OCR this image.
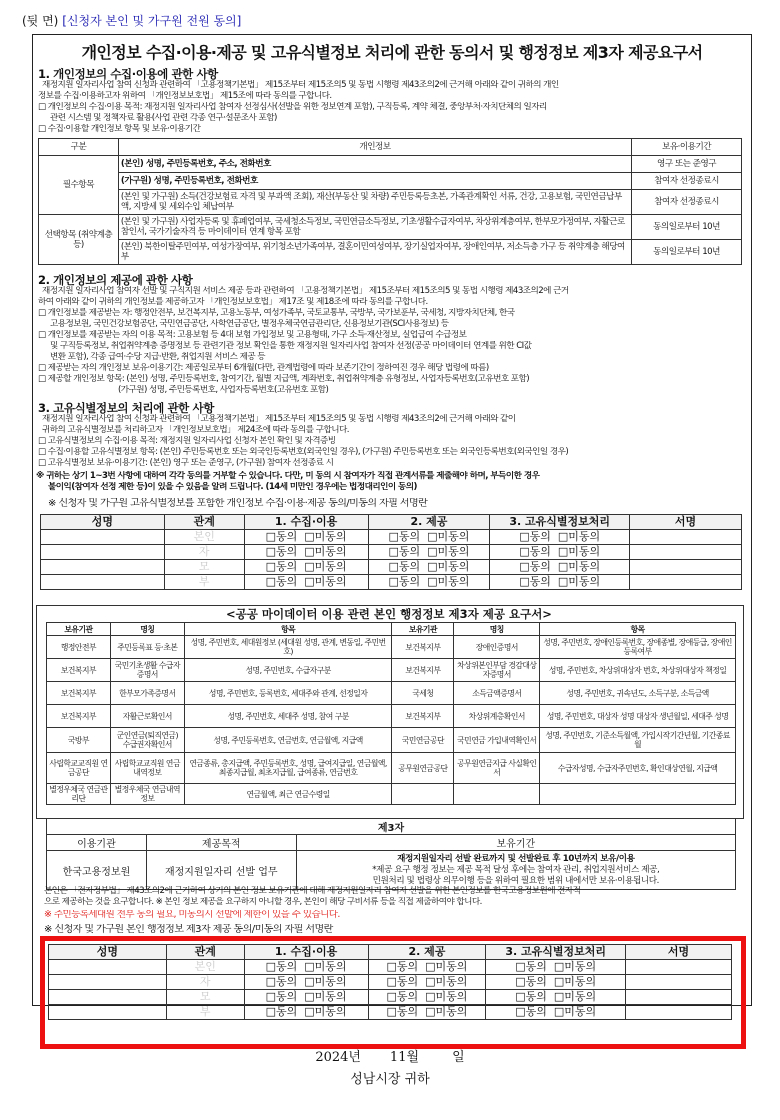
(뒷 면) [신청자 본인 및 가구원 전원 동의]
개인정보 수집·이용·제공 및 고유식별정보 처리에 관한 동의서 및 행정정보 제3자 제공요구서
1. 개인정보의 수집·이용에 관한 사항
재정지원 일자리사업 참여 신청과 관련하여 「고용정책기본법」 제15조부터 제15조의5 및 동법 시행령 제43조의2에 근거해 아래와 같이 귀하의 개인
정보를 수집·이용하고자 위하여 「개인정보보호법」 제15조에 따라 동의를 구합니다.
□ 개인정보의 수집·이용 목적: 재정지원 일자리사업 참여자 선정심사(선발을 위한 정보연계 포함), 구직등록, 계약 체결, 중앙부처·자치단체의 일자리
관련 시스템 및 정책자료 활용(사업 관련 각종 연구·설문조사 포함)
□ 수집·이용할 개인정보 항목 및 보유·이용기간
구분	개인정보	보유·이용기간
필수항목	(본인) 성명, 주민등록번호, 주소, 전화번호	영구 또는 준영구
	(가구원) 성명, 주민등록번호, 전화번호	참여자 선정종료시
	(본인 및 가구원) 소득(건강보험료 자격 및 부과액 조회), 재산(부동산 및 차량) 주민등록등초본, 가족관계확인 서류, 건강, 고용보험, 국민연금납부액, 지방세 및 세외수입 체납여부	참여자 선정종료시
선택항목 (취약계층 등)	(본인 및 가구원) 사업자등록 및 휴폐업여부, 국세청소득정보, 국민연금소득정보, 기초생활수급자여부, 차상위계층여부, 한부모가정여부, 자활근로참인서, 국가기술자격 등 마이데이터 연계 항목 포함	동의일로부터 10년
	(본인) 북한이탈주민여부, 여성가장여부, 위기청소년가족여부, 결혼이민여성여부, 장기실업자여부, 장애인여부, 저소득층 가구 등 취약계층 해당여부	동의일로부터 10년
2. 개인정보의 제공에 관한 사항
재정지원 일자리사업 참여자 선발 및 구직지원 서비스 제공 등과 관련하여 「고용정책기본법」 제15조부터 제15조의5 및 동법 시행령 제43조의2에 근거
하여 아래와 같이 귀하의 개인정보를 제공하고자 「개인정보보호법」 제17조 및 제18조에 따라 동의를 구합니다.
□ 개인정보를 제공받는 자: 행정안전부, 보건복지부, 고용노동부, 여성가족부, 국토교통부, 국방부, 국가보훈부, 국세청, 지방자치단체, 한국
고용정보원, 국민건강보험공단, 국민연금공단, 사학연금공단, 별정우체국연금관리단, 신용정보기관(SCI사용정보) 등
□ 개인정보를 제공받는 자의 이용 목적: 고용보험 등 4대 보험 가입정보 및 고용형태, 가구 소득·재산정보, 실업급여 수급정보
및 구직등록정보, 취업취약계층 증명정보 등 관련기관 정보 확인을 통한 재정지원 일자리사업 참여자 선정(공공 마이데이터 연계를 위한 CI값
변환 포함), 각종 급여·수당 지급·반환, 취업지원 서비스 제공 등
□ 제공받는 자의 개인정보 보유·이용기간: 제공일로부터 6개월(다만, 관계법령에 따라 보존기간이 정하여진 경우 해당 법령에 따름)
□ 제공할 개인정보 항목: (본인) 성명, 주민등록번호, 참여기간, 월별 지급액, 계좌번호, 취업취약계층 유형정보, 사업자등록번호(고유번호 포함)
(가구원) 성명, 주민등록번호, 사업자등록번호(고유번호 포함)
3. 고유식별정보의 처리에 관한 사항
재정지원 일자리사업 참여 신청과 관련하여 「고용정책기본법」 제15조부터 제15조의5 및 동법 시행령 제43조의2에 근거해 아래와 같이
귀하의 고유식별정보를 처리하고자 「개인정보보호법」 제24조에 따라 동의를 구합니다.
□ 고유식별정보의 수집·이용 목적: 재정지원 일자리사업 신청자 본인 확인 및 자격증빙
□ 수집·이용할 고유식별정보 항목: (본인) 주민등록번호 또는 외국인등록번호(외국인일 경우), (가구원) 주민등록번호 또는 외국인등록번호(외국인일 경우)
□ 고유식별정보 보유·이용기간: (본인) 영구 또는 준영구, (가구원) 참여자 선정종료 시
※ 귀하는 상기 1~3번 사항에 대하여 각각 동의를 거부할 수 있습니다. 다만, 미 동의 시 참여자가 직접 관계서류를 제출해야 하며, 부득이한 경우
불이익(참여자 선정 제한 등)이 있을 수 있음을 알려 드립니다. (14세 미만인 경우에는 법정대리인이 동의)
※ 신청자 및 가구원 고유식별정보를 포함한 개인정보 수집·이용·제공 동의/미동의 자필 서명란
성명	관계	1. 수집·이용	2. 제공	3. 고유식별정보처리	서명
	본인	□동의 □미동의	□동의 □미동의	□동의 □미동의	
	자	□동의 □미동의	□동의 □미동의	□동의 □미동의	
	모	□동의 □미동의	□동의 □미동의	□동의 □미동의	
	부	□동의 □미동의	□동의 □미동의	□동의 □미동의	
<공공 마이데이터 이용 관련 본인 행정정보 제3자 제공 요구서>
보유기관	명칭	항목	보유기관	명칭	항목
행정안전부	주민등록표 등·초본	성명, 주민번호, 세대원정보 (세대원 성명, 관계, 변동일, 주민번호)	보건복지부	장애인증명서	성명, 주민번호, 장애인등록번호, 장애종별, 장애등급, 장애인등록여부
보건복지부	국민기초생활 수급자증명서	성명, 주민번호, 수급자구분	보건복지부	차상위본인부담 경감대상자증명서	성명, 주민번호, 차상위대상자 번호, 차상위대상자 책정일
보건복지부	한부모가족증명서	성명, 주민번호, 등록번호, 세대주와 관계, 선정일자	국세청	소득금액증명서	성명, 주민번호, 귀속년도, 소득구분, 소득금액
보건복지부	자활근로확인서	성명, 주민번호, 세대주 성명, 참여 구분	보건복지부	차상위계층확인서	성명, 주민번호, 대상자 성명 대상자 생년월일, 세대주 성명
국방부	군인연금(퇴직연금) 수급권자확인서	성명, 주민등록번호, 연금번호, 연금월액, 지급액	국민연금공단	국민연금 가입내역확인서	성명, 주민번호, 기준소득월액, 가입시작기간년월, 기간종료월
사립학교교직원 연금공단	사립학교교직원 연금내역정보	연금종류, 총지급액, 주민등록번호, 성명, 급여지급일, 연금월액, 최종지급월, 최초지급월, 급여종류, 연금번호	공무원연금공단	공무원연금지급 사실확인서	수급자성명, 수급자주민번호, 확인대상연월, 지급액
별정우체국 연금관리단	별정우체국 연금내역정보	연금월액, 최근 연금수령일			
제3자		
이용기관	제공목적	보유기간
한국고용정보원	재정지원일자리 선발 업무	재정지원일자리 선발 완료까지 및 선발완료 후 10년까지 보유/이용
*제공 요구 행정 정보는 제공 목적 달성 후에는 참여자 관리, 취업지원서비스 제공,
민원처리 및 법령상 의무이행 등을 위하여 필요한 범위 내에서만 보유·이용됩니다.
본인은 「전자정부법」 제43조의2에 근거하여 상기의 본인 정보 보유기관에 대해 재정지원일자리 참여자 선발을 위한 본인정보를 한국고용정보원에 전자적
으로 제공하는 것을 요구합니다. ※ 본인 정보 제공을 요구하지 아니할 경우, 본인이 해당 구비서류 등을 직접 제출하여야 합니다.
※ 주민등록세대원 전부 동의 필요, 미동의시 선발에 제한이 있을 수 있습니다.
※ 신청자 및 가구원 본인 행정정보 제3자 제공 동의/미동의 자필 서명란
성명	관계	1. 수집·이용	2. 제공	3. 고유식별정보처리	서명
	본인	□동의 □미동의	□동의 □미동의	□동의 □미동의	
	자	□동의 □미동의	□동의 □미동의	□동의 □미동의	
	모	□동의 □미동의	□동의 □미동의	□동의 □미동의	
	부	□동의 □미동의	□동의 □미동의	□동의 □미동의	
2024년 11월	일
성남시장 귀하
